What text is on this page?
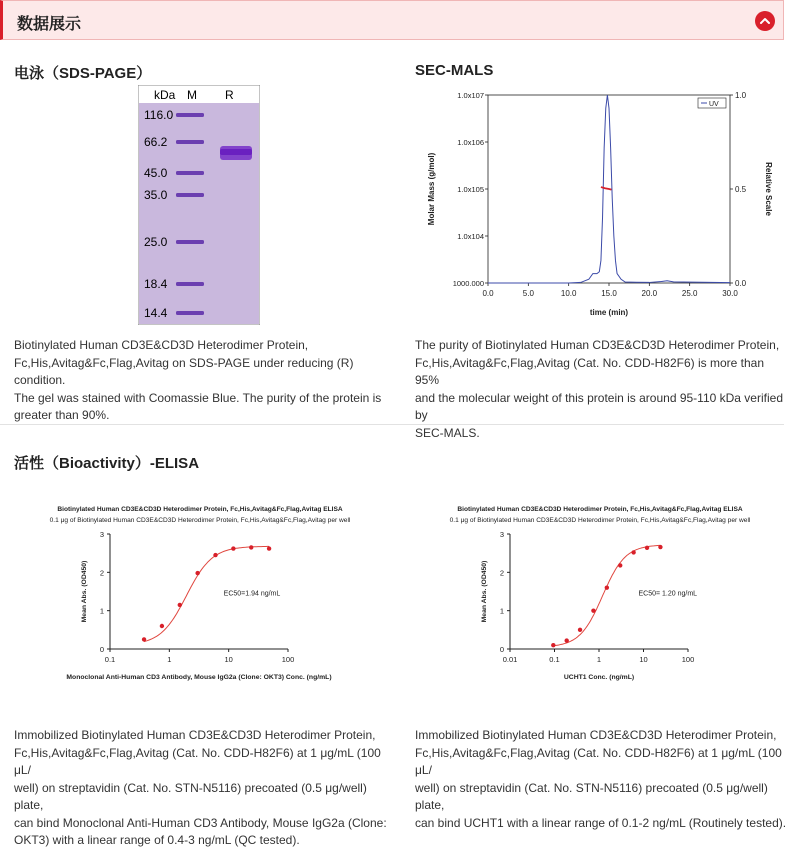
数据展示
电泳（SDS-PAGE）
kDa M R
116.0
66.2
45.0
35.0
25.0
18.4
14.4
Biotinylated Human CD3E&CD3D Heterodimer Protein,
Fc,His,Avitag&Fc,Flag,Avitag on SDS-PAGE under reducing (R) condition.
The gel was stained with Coomassie Blue. The purity of the protein is
greater than 90%.
SEC-MALS
0.0	5.0	10.0	15.0	20.0	25.0	30.0
1000.000
1.0x104
1.0x105
1.0x106
1.0x107
0.0
0.5
1.0
time (min)
Molar Mass (g/mol)	Relative Scale
UV
The purity of Biotinylated Human CD3E&CD3D Heterodimer Protein,
Fc,His,Avitag&Fc,Flag,Avitag (Cat. No. CDD-H82F6) is more than 95%
and the molecular weight of this protein is around 95-110 kDa verified by
SEC-MALS.
活性（Bioactivity）-ELISA
Biotinylated Human CD3E&CD3D Heterodimer Protein, Fc,His,Avitag&Fc,Flag,Avitag ELISA
0.1 μg of Biotinylated Human CD3E&CD3D Heterodimer Protein, Fc,His,Avitag&Fc,Flag,Avitag per well
0
1
2
3
0.1	1	10	100
Monoclonal Anti-Human CD3 Antibody, Mouse IgG2a (Clone: OKT3) Conc. (ng/mL)
Mean Abs. (OD450)	EC50=1.94 ng/mL
Biotinylated Human CD3E&CD3D Heterodimer Protein, Fc,His,Avitag&Fc,Flag,Avitag ELISA
0.1 μg of Biotinylated Human CD3E&CD3D Heterodimer Protein, Fc,His,Avitag&Fc,Flag,Avitag per well
0
1
2
3
0.01	0.1	1	10	100
UCHT1 Conc. (ng/mL)
Mean Abs. (OD450)	EC50= 1.20 ng/mL
Immobilized Biotinylated Human CD3E&CD3D Heterodimer Protein,
Fc,His,Avitag&Fc,Flag,Avitag (Cat. No. CDD-H82F6) at 1 μg/mL (100 μL/
well) on streptavidin (Cat. No. STN-N5116) precoated (0.5 μg/well) plate,
can bind Monoclonal Anti-Human CD3 Antibody, Mouse IgG2a (Clone:
OKT3) with a linear range of 0.4-3 ng/mL (QC tested).
Immobilized Biotinylated Human CD3E&CD3D Heterodimer Protein,
Fc,His,Avitag&Fc,Flag,Avitag (Cat. No. CDD-H82F6) at 1 μg/mL (100 μL/
well) on streptavidin (Cat. No. STN-N5116) precoated (0.5 μg/well) plate,
can bind UCHT1 with a linear range of 0.1-2 ng/mL (Routinely tested).
